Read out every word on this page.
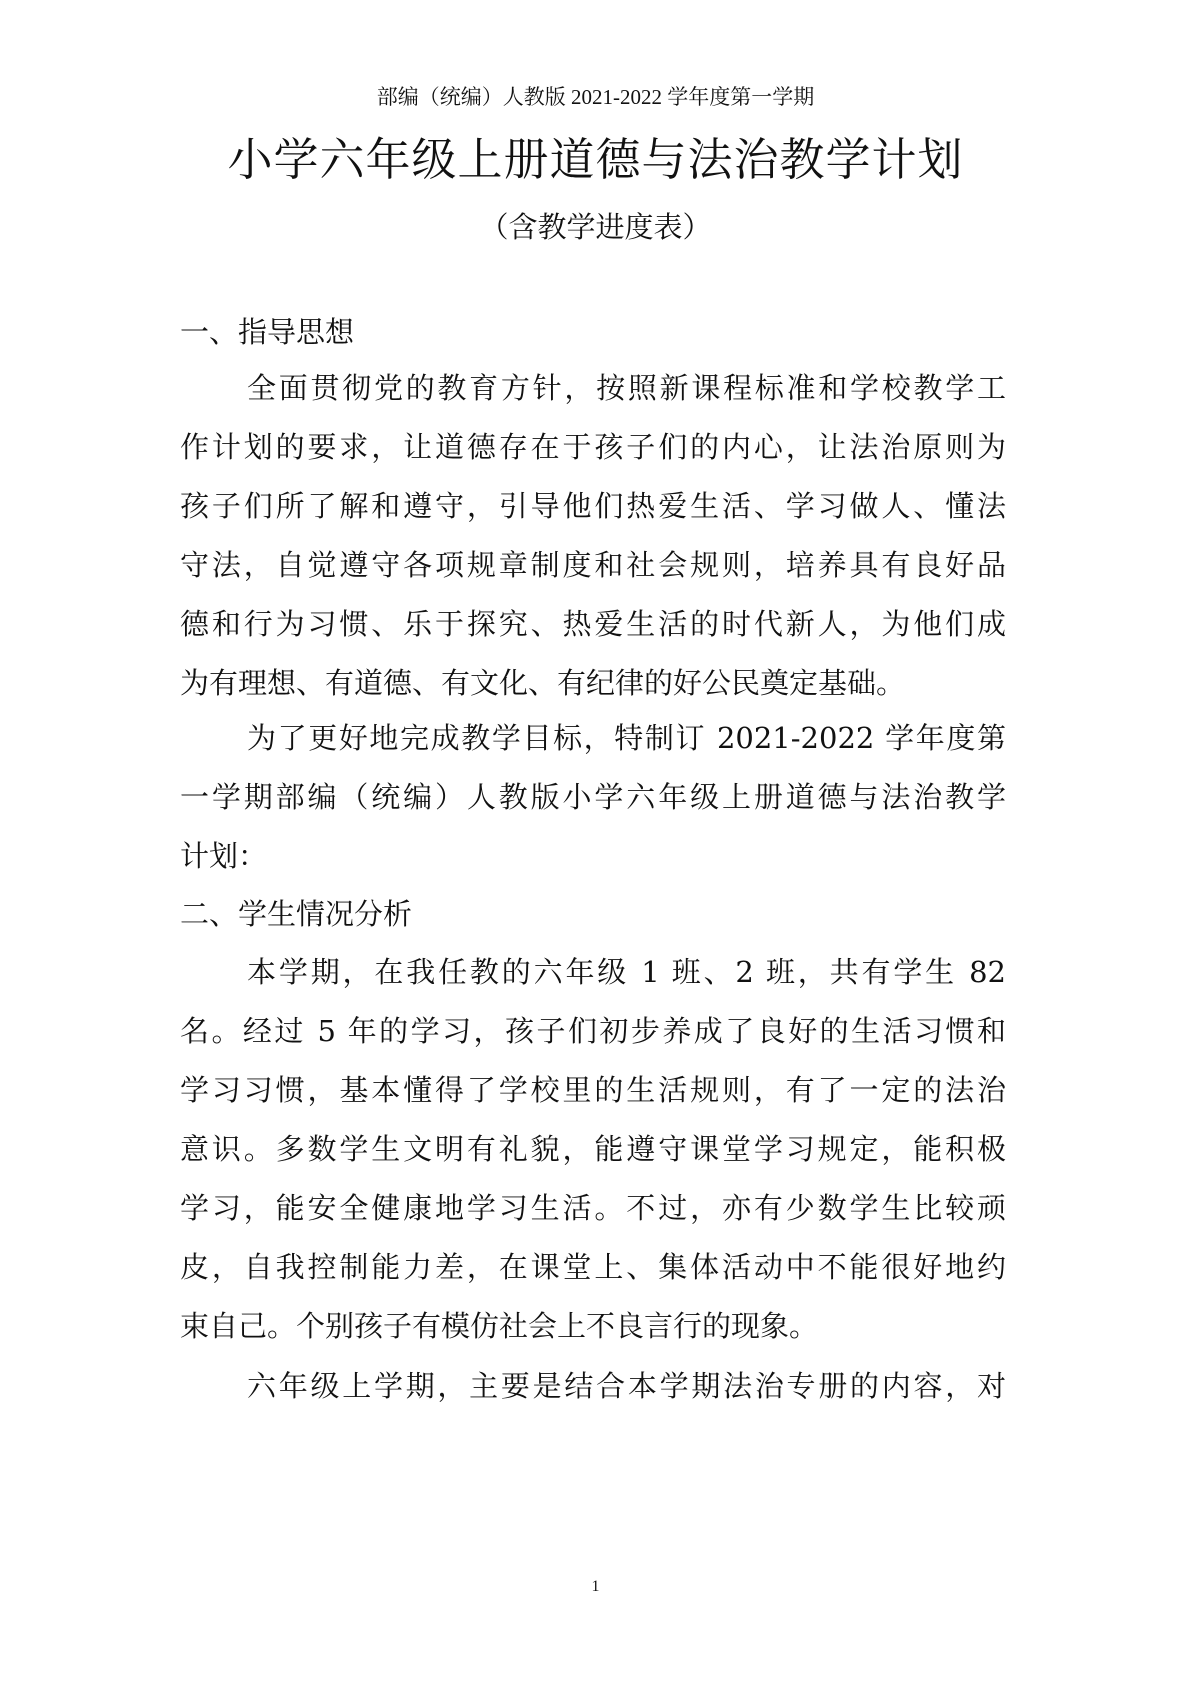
部编（统编）人教版 2021-2022 学年度第一学期
小学六年级上册道德与法治教学计划
（含教学进度表）
一、指导思想
全面贯彻党的教育方针，按照新课程标准和学校教学工
作计划的要求，让道德存在于孩子们的内心，让法治原则为
孩子们所了解和遵守，引导他们热爱生活、学习做人、懂法
守法，自觉遵守各项规章制度和社会规则，培养具有良好品
德和行为习惯、乐于探究、热爱生活的时代新人，为他们成
为有理想、有道德、有文化、有纪律的好公民奠定基础。
为了更好地完成教学目标，特制订 2021-2022 学年度第
一学期部编（统编）人教版小学六年级上册道德与法治教学
计划：
二、学生情况分析
本学期，在我任教的六年级 1 班、2 班，共有学生 82
名。经过 5 年的学习，孩子们初步养成了良好的生活习惯和
学习习惯，基本懂得了学校里的生活规则，有了一定的法治
意识。多数学生文明有礼貌，能遵守课堂学习规定，能积极
学习，能安全健康地学习生活。不过，亦有少数学生比较顽
皮，自我控制能力差，在课堂上、集体活动中不能很好地约
束自己。个别孩子有模仿社会上不良言行的现象。
六年级上学期，主要是结合本学期法治专册的内容，对
1
